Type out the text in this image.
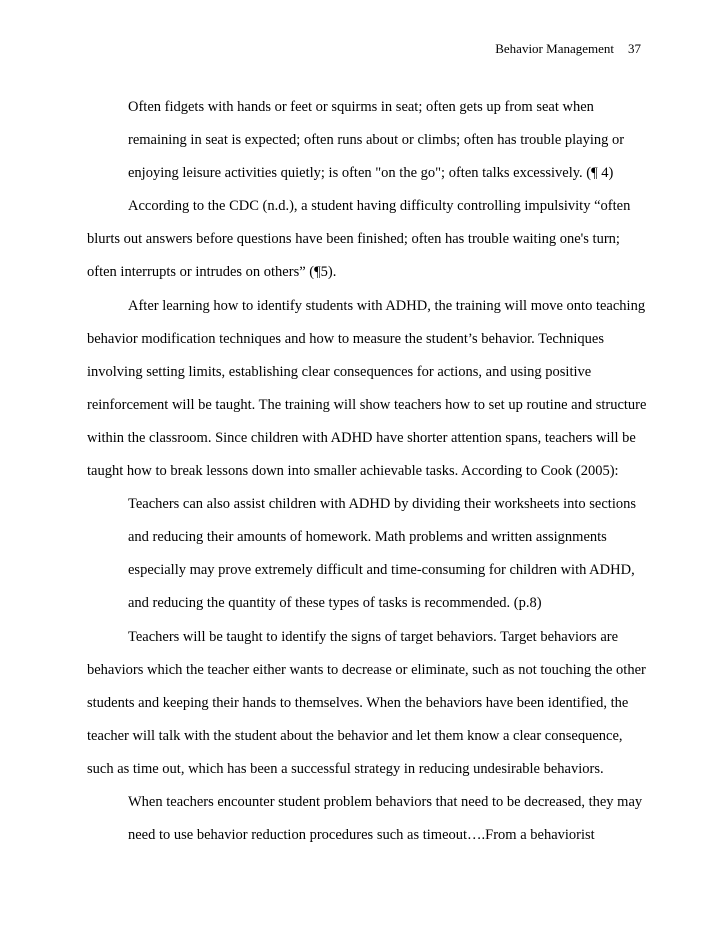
Behavior Management 37
Often fidgets with hands or feet or squirms in seat; often gets up from seat when
remaining in seat is expected; often runs about or climbs; often has trouble playing or
enjoying leisure activities quietly; is often "on the go"; often talks excessively. (¶ 4)
According to the CDC (n.d.), a student having difficulty controlling impulsivity “often
blurts out answers before questions have been finished; often has trouble waiting one's turn;
often interrupts or intrudes on others” (¶5).
After learning how to identify students with ADHD, the training will move onto teaching
behavior modification techniques and how to measure the student’s behavior. Techniques
involving setting limits, establishing clear consequences for actions, and using positive
reinforcement will be taught. The training will show teachers how to set up routine and structure
within the classroom. Since children with ADHD have shorter attention spans, teachers will be
taught how to break lessons down into smaller achievable tasks. According to Cook (2005):
Teachers can also assist children with ADHD by dividing their worksheets into sections
and reducing their amounts of homework. Math problems and written assignments
especially may prove extremely difficult and time-consuming for children with ADHD,
and reducing the quantity of these types of tasks is recommended. (p.8)
Teachers will be taught to identify the signs of target behaviors. Target behaviors are
behaviors which the teacher either wants to decrease or eliminate, such as not touching the other
students and keeping their hands to themselves. When the behaviors have been identified, the
teacher will talk with the student about the behavior and let them know a clear consequence,
such as time out, which has been a successful strategy in reducing undesirable behaviors.
When teachers encounter student problem behaviors that need to be decreased, they may
need to use behavior reduction procedures such as timeout….From a behaviorist
